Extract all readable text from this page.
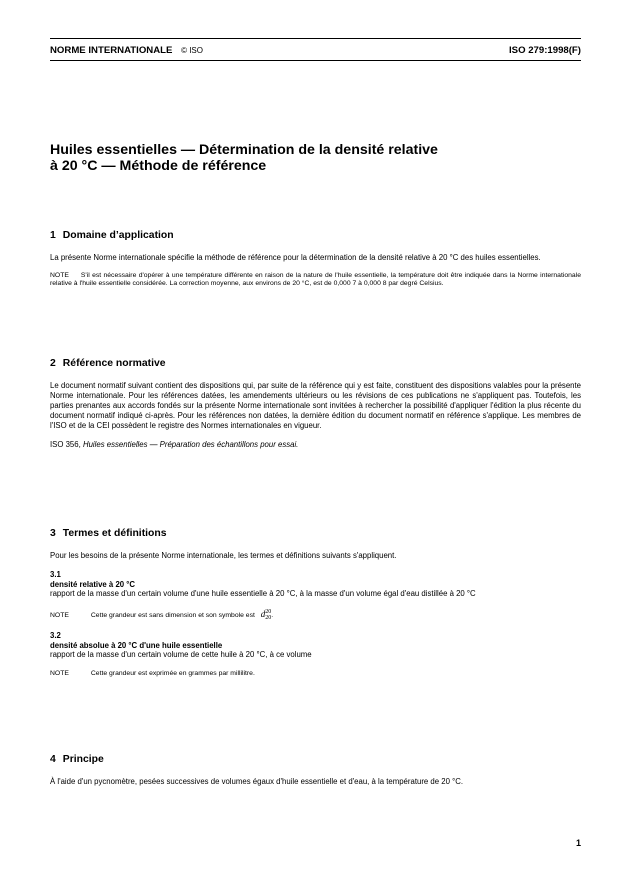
NORME INTERNATIONALE © ISO	ISO 279:1998(F)
Huiles essentielles — Détermination de la densité relative
à 20 °C — Méthode de référence
1 Domaine d’application

La présente Norme internationale spécifie la méthode de référence pour la détermination de la densité relative à 20 °C des huiles essentielles.

NOTE S'il est nécessaire d'opérer à une température différente en raison de la nature de l'huile essentielle, la température doit être indiquée dans la Norme internationale relative à l'huile essentielle considérée. La correction moyenne, aux environs de 20 °C, est de 0,000 7 à 0,000 8 par degré Celsius.

2 Référence normative

Le document normatif suivant contient des dispositions qui, par suite de la référence qui y est faite, constituent des dispositions valables pour la présente Norme internationale. Pour les références datées, les amendements ultérieurs ou les révisions de ces publications ne s'appliquent pas. Toutefois, les parties prenantes aux accords fondés sur la présente Norme internationale sont invitées à rechercher la possibilité d'appliquer l'édition la plus récente du document normatif indiqué ci-après. Pour les références non datées, la dernière édition du document normatif en référence s'applique. Les membres de l'ISO et de la CEI possèdent le registre des Normes internationales en vigueur.

ISO 356, Huiles essentielles — Préparation des échantillons pour essai.

3 Termes et définitions

Pour les besoins de la présente Norme internationale, les termes et définitions suivants s'appliquent.

3.1
densité relative à 20 °C

rapport de la masse d'un certain volume d'une huile essentielle à 20 °C, à la masse d'un volume égal d'eau distillée à 20 °C

NOTE	Cette grandeur est sans dimension et son symbole est d20
20.

3.2
densité absolue à 20 °C d'une huile essentielle

rapport de la masse d'un certain volume de cette huile à 20 °C, à ce volume

NOTE	Cette grandeur est exprimée en grammes par millilitre.

4 Principe

À l'aide d'un pycnomètre, pesées successives de volumes égaux d'huile essentielle et d'eau, à la température de 20 °C.

1
